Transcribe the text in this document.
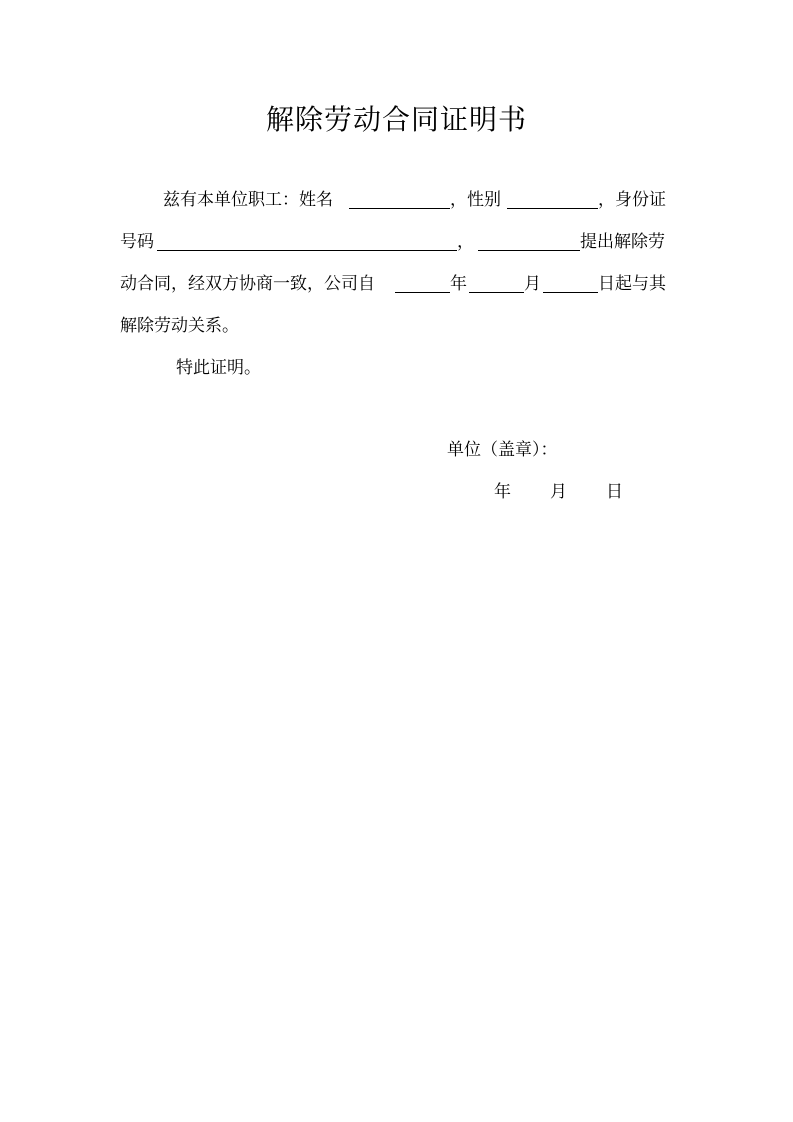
解除劳动合同证明书
兹有本单位职工：姓名	，性别	，身份证
号码	，	提出解除劳
动合同，经双方协商一致，公司自	年	月	日起与其
解除劳动关系。
特此证明。
单位（盖章）：
年 月 日
